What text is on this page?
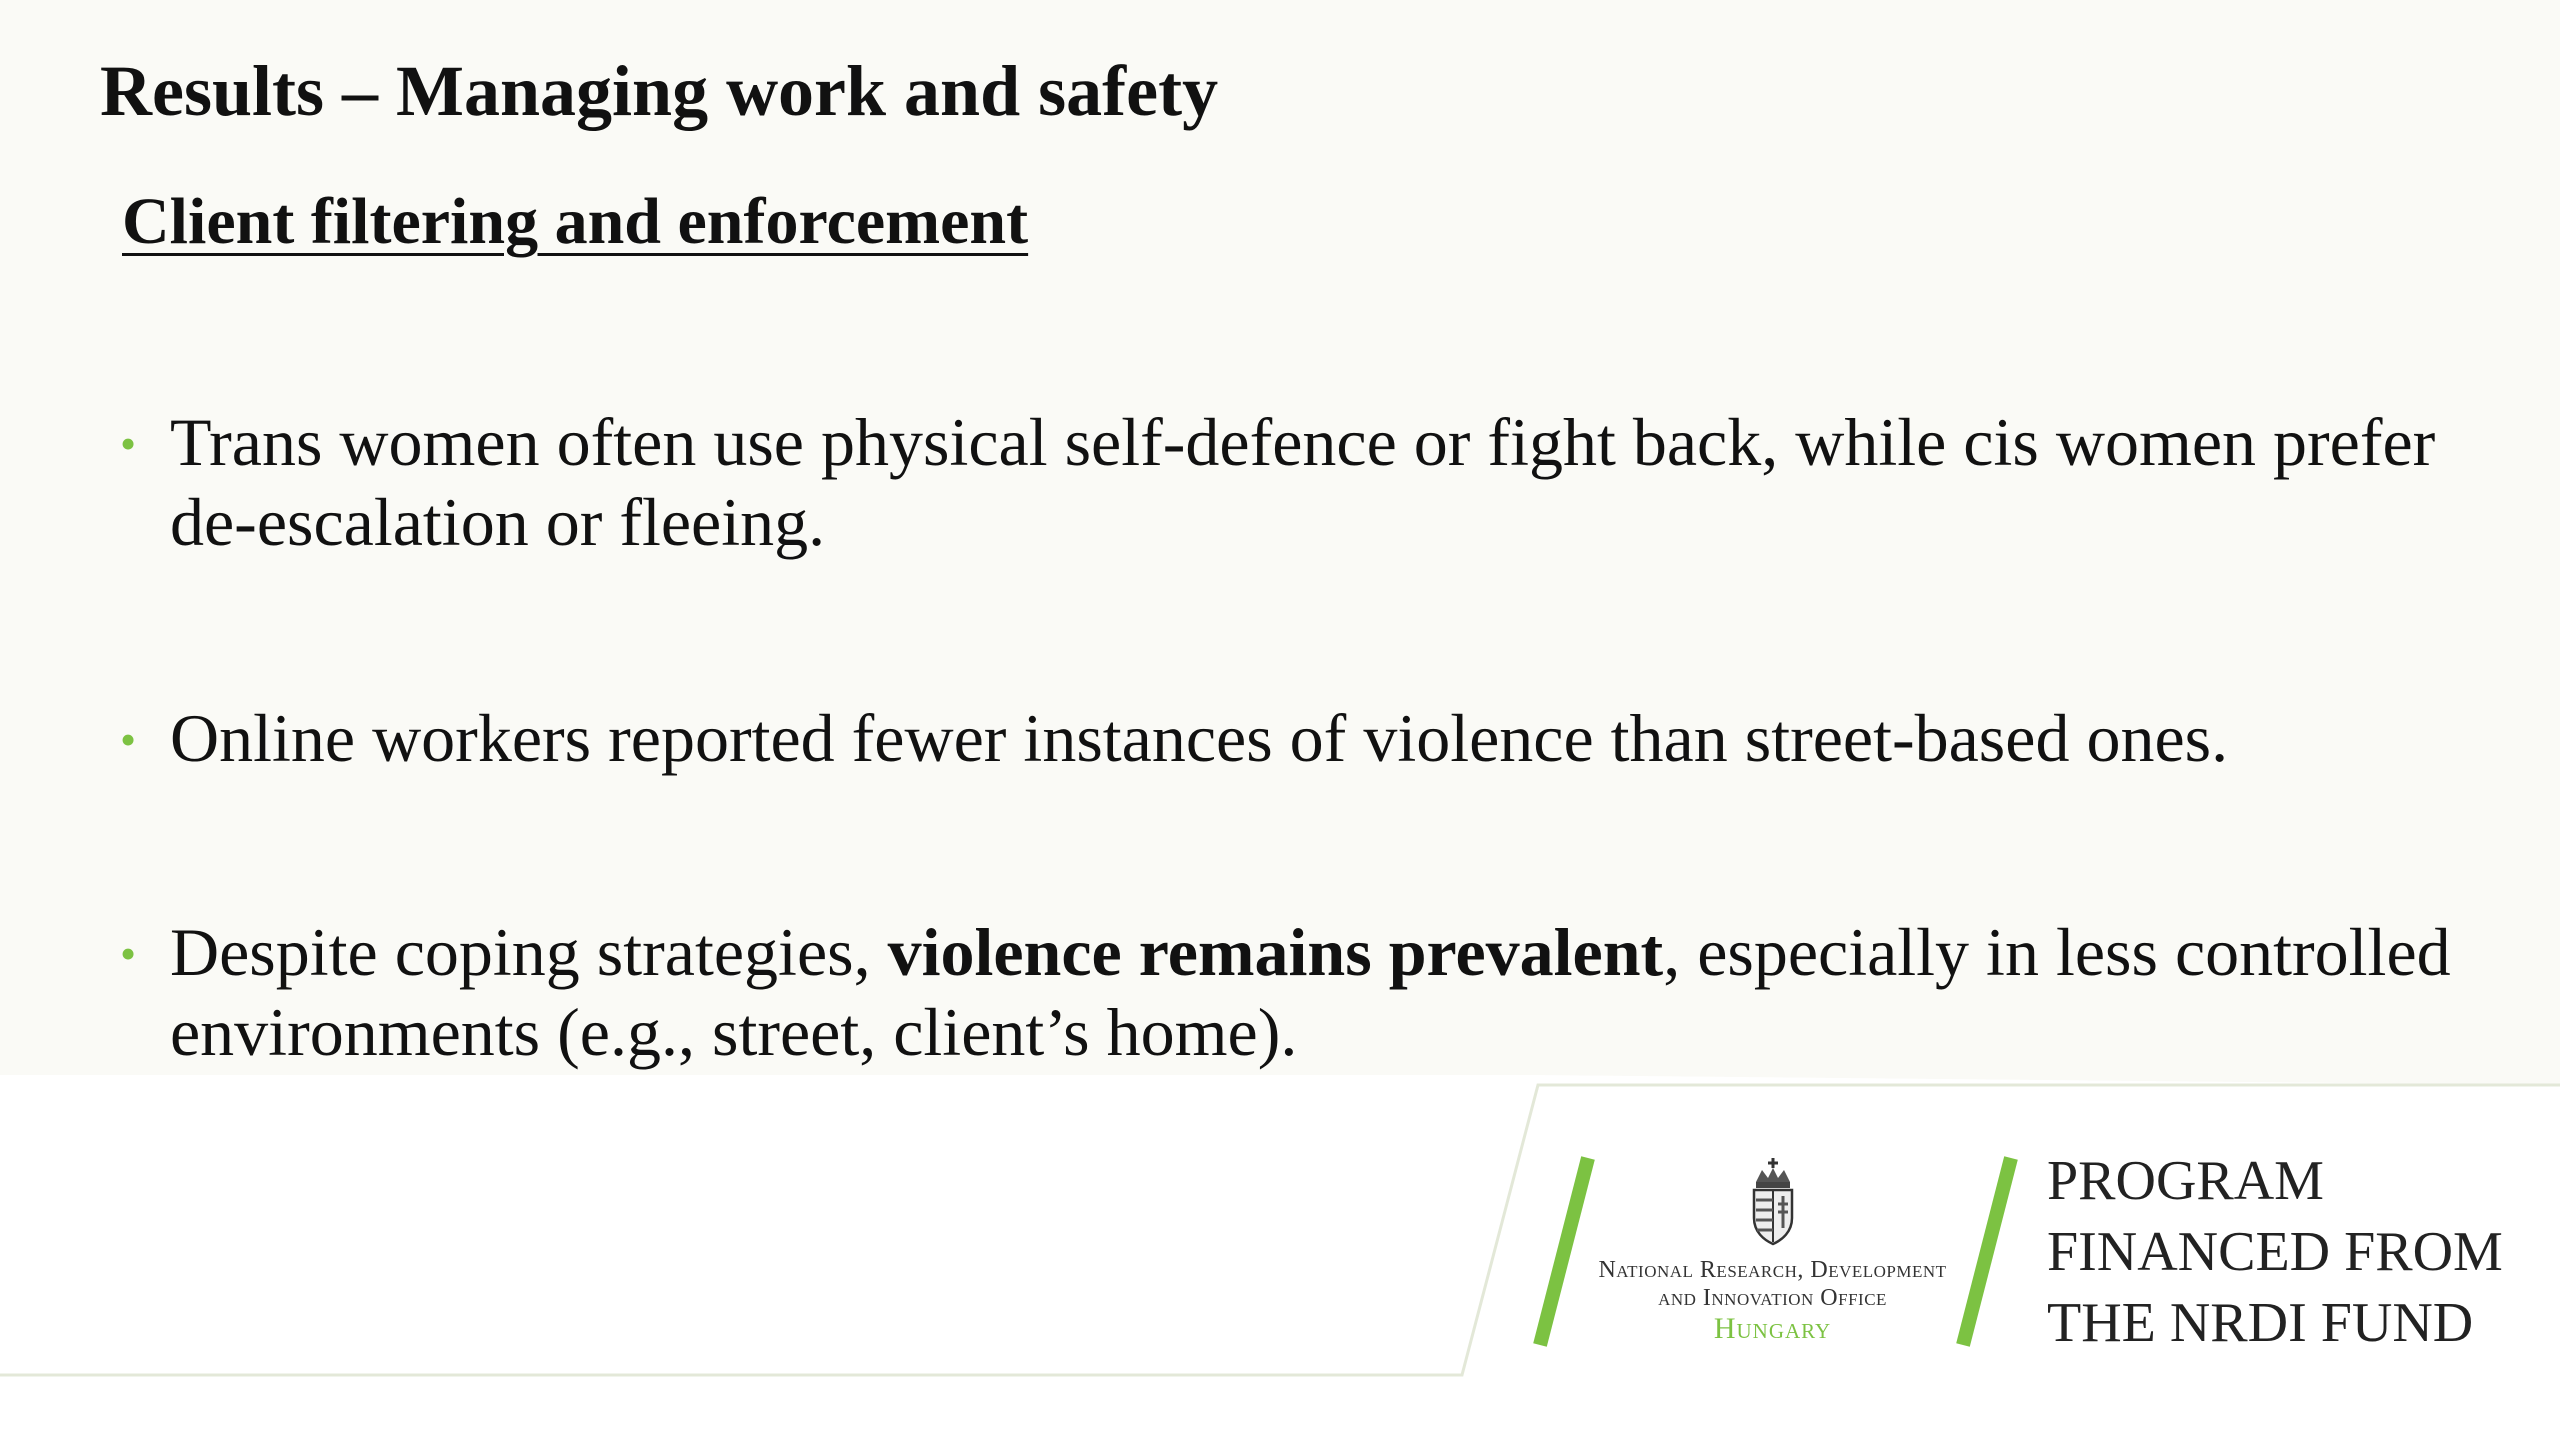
Results – Managing work and safety
Client filtering and enforcement
• Trans women often use physical self-defence or fight back, while cis women prefer de-escalation or fleeing.
• Online workers reported fewer instances of violence than street-based ones.
• Despite coping strategies, violence remains prevalent, especially in less controlled environments (e.g., street, client’s home).
National Research, Development
and Innovation Office
Hungary
PROGRAM
FINANCED FROM
THE NRDI FUND
